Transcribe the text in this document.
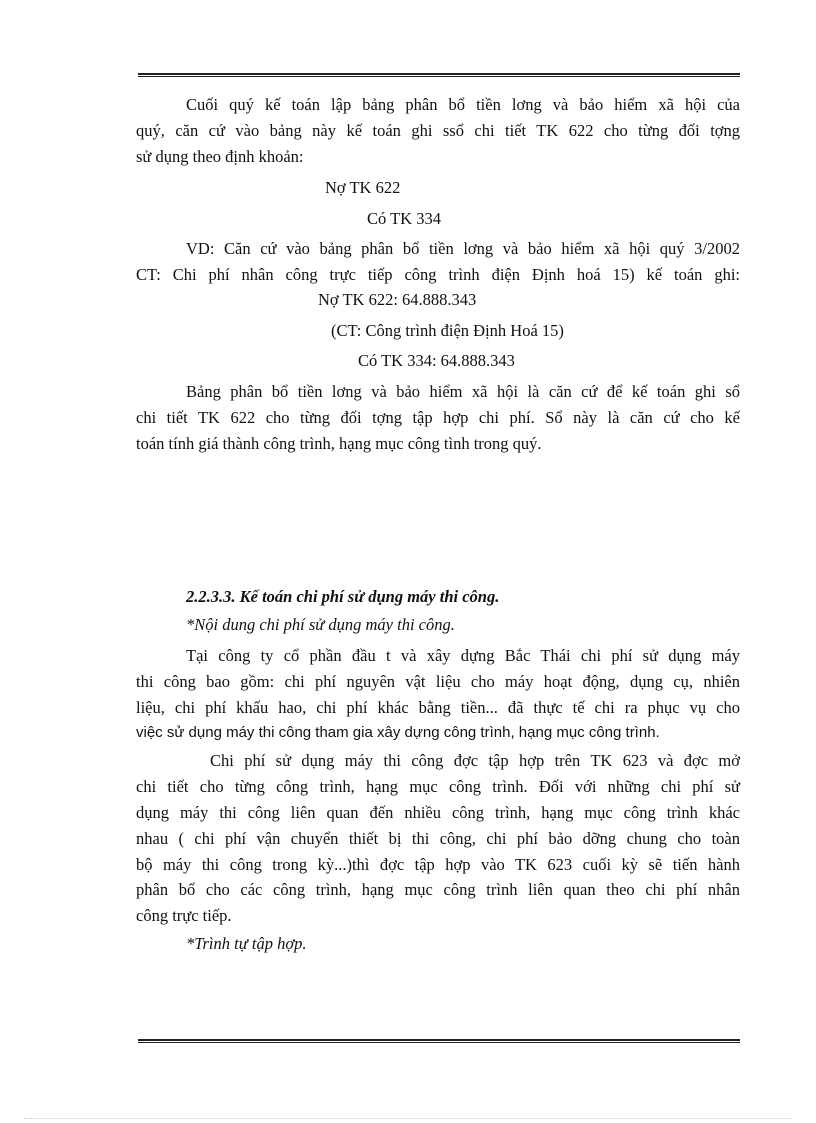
Cuối quý kế toán lập bảng phân bổ tiền lơng và bảo hiểm xã hội của
quý, căn cứ vào bảng này kế toán ghi ssổ chi tiết TK 622 cho từng đối tợng
sử dụng theo định khoản:
Nợ TK 622
Có TK 334
VD: Căn cứ vào bảng phân bổ tiền lơng và bảo hiểm xã hội quý 3/2002
CT: Chi phí nhân công trực tiếp công trình điện Định hoá 15) kế toán ghi:
Nợ TK 622: 64.888.343
(CT: Công trình điện Định Hoá 15)
Có TK 334: 64.888.343
Bảng phân bổ tiền lơng và bảo hiểm xã hội là căn cứ để kế toán ghi sổ
chi tiết TK 622 cho từng đối tợng tập hợp chi phí. Sổ này là căn cứ cho kế
toán tính giá thành công trình, hạng mục công tình trong quý.
2.2.3.3. Kế toán chi phí sử dụng máy thi công.
*Nội dung chi phí sử dụng máy thi công.
Tại công ty cổ phần đầu t và xây dựng Bắc Thái chi phí sử dụng máy
thi công bao gồm: chi phí nguyên vật liệu cho máy hoạt động, dụng cụ, nhiên
liệu, chi phí khấu hao, chi phí khác bằng tiền... đã thực tế chi ra phục vụ cho
việc sử dụng máy thi công tham gia xây dựng công trình, hạng mục công trình.
Chi phí sử dụng máy thi công đợc tập hợp trên TK 623 và đợc mở
chi tiết cho từng công trình, hạng mục công trình. Đối với những chi phí sử
dụng máy thi công liên quan đến nhiều công trình, hạng mục công trình khác
nhau ( chi phí vận chuyển thiết bị thi công, chi phí bảo dỡng chung cho toàn
bộ máy thi công trong kỳ...)thì đợc tập hợp vào TK 623 cuối kỳ sẽ tiến hành
phân bổ cho các công trình, hạng mục công trình liên quan theo chi phí nhân
công trực tiếp.
*Trình tự tập hợp.
